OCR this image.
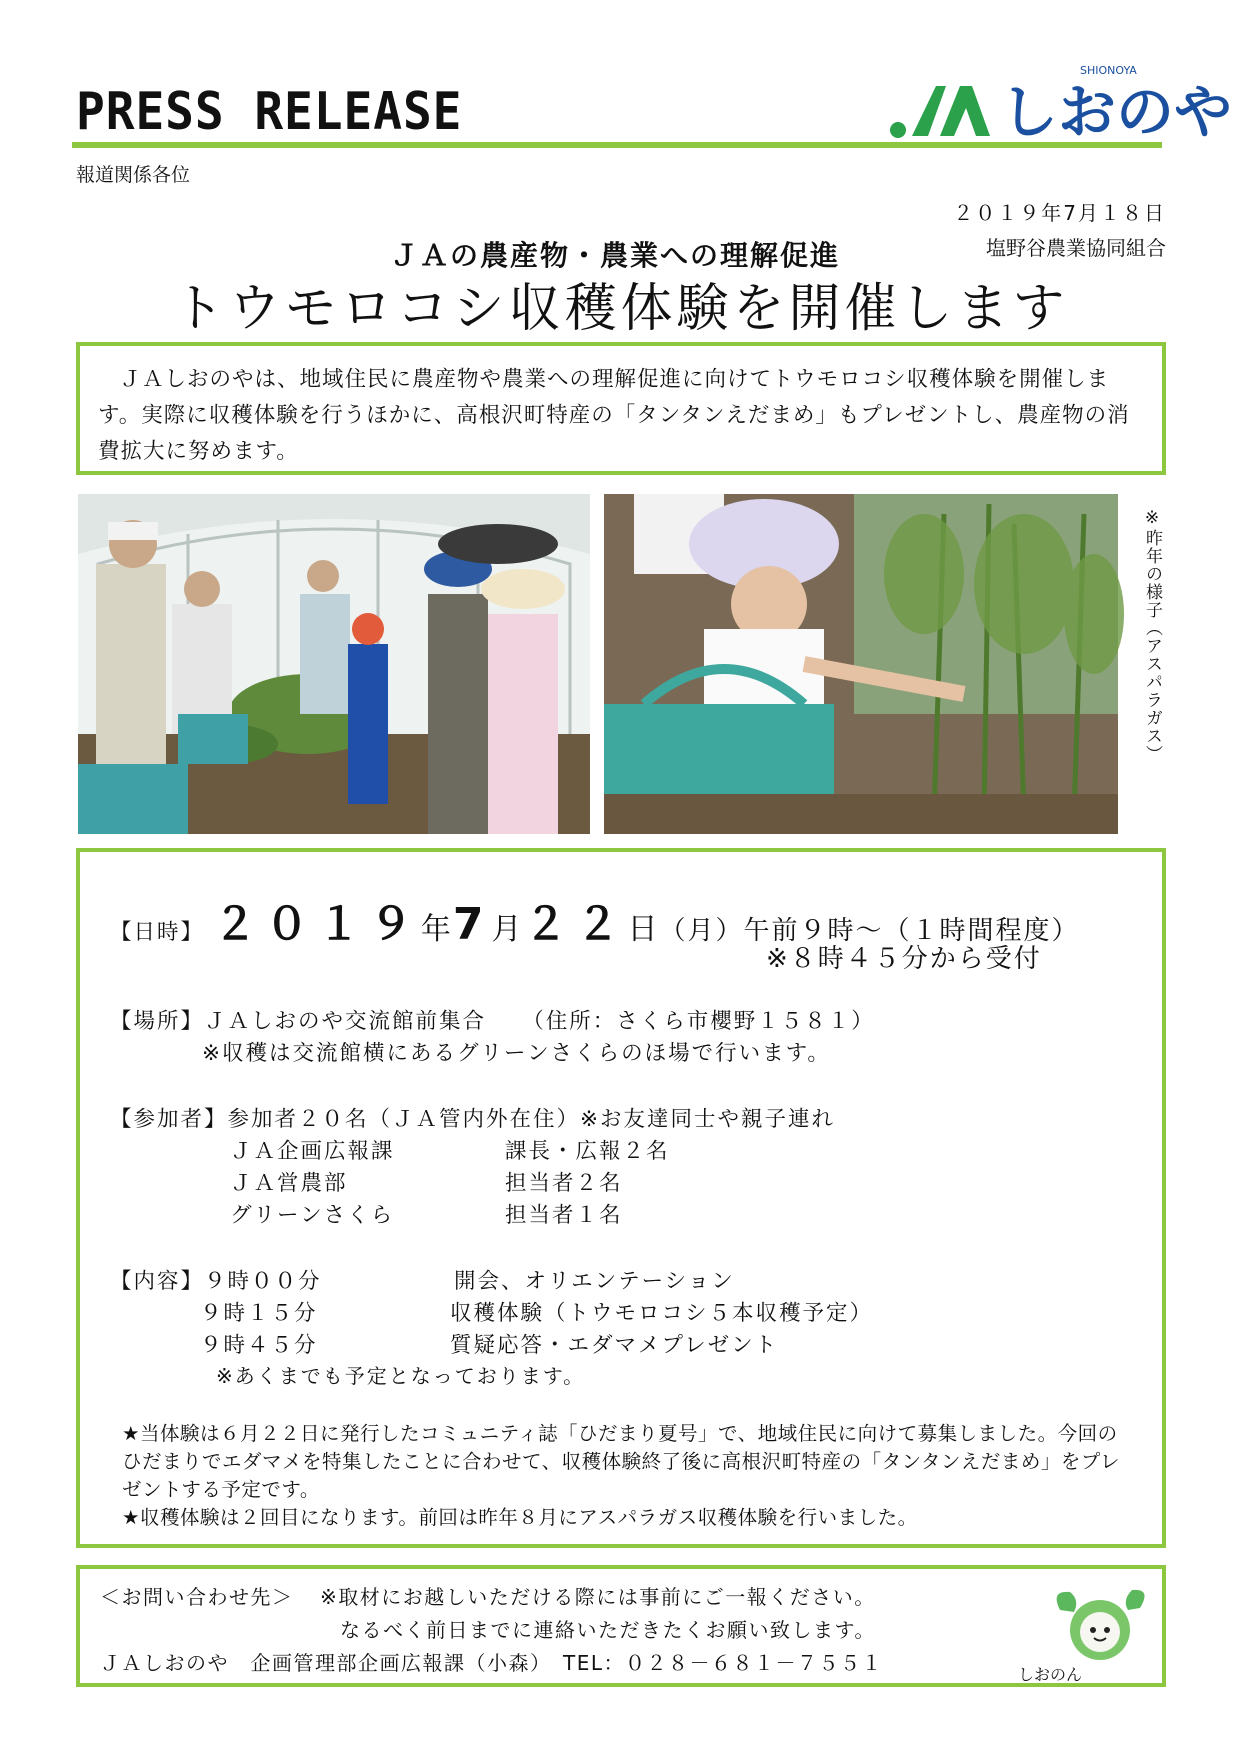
PRESS RELEASE
報道関係各位
しおのや
SHIONOYA
２０１９年7月１８日
塩野谷農業協同組合
ＪＡの農産物・農業への理解促進
トウモロコシ収穫体験を開催します
ＪＡしおのやは、地域住民に農産物や農業への理解促進に向けてトウモロコシ収穫体験を開催します。実際に収穫体験を行うほかに、高根沢町特産の「タンタンえだまめ」もプレゼントし、農産物の消費拡大に努めます。
※昨年の様子（アスパラガス）
【日時】 ２０１９年7月２２日（月）午前９時～（１時間程度）
※８時４５分から受付
【場所】ＪＡしおのや交流館前集合　　（住所：さくら市櫻野１５８１）
※収穫は交流館横にあるグリーンさくらのほ場で行います。
【参加者】参加者２０名（ＪＡ管内外在住）※お友達同士や親子連れ
ＪＡ企画広報課	課長・広報２名
ＪＡ営農部	担当者２名
グリーンさくら	担当者１名
【内容】９時００分	開会、オリエンテーション
９時１５分	収穫体験（トウモロコシ５本収穫予定）
９時４５分	質疑応答・エダマメプレゼント
※あくまでも予定となっております。
★当体験は６月２２日に発行したコミュニティ誌「ひだまり夏号」で、地域住民に向けて募集しました。今回のひだまりでエダマメを特集したことに合わせて、収穫体験終了後に高根沢町特産の「タンタンえだまめ」をプレゼントする予定です。
★収穫体験は２回目になります。前回は昨年８月にアスパラガス収穫体験を行いました。
＜お問い合わせ先＞ ※取材にお越しいただける際には事前にご一報ください。
なるべく前日までに連絡いただきたくお願い致します。
ＪＡしおのや　企画管理部企画広報課（小森）　TEL：０２８－６８１－７５５１	しおのん
